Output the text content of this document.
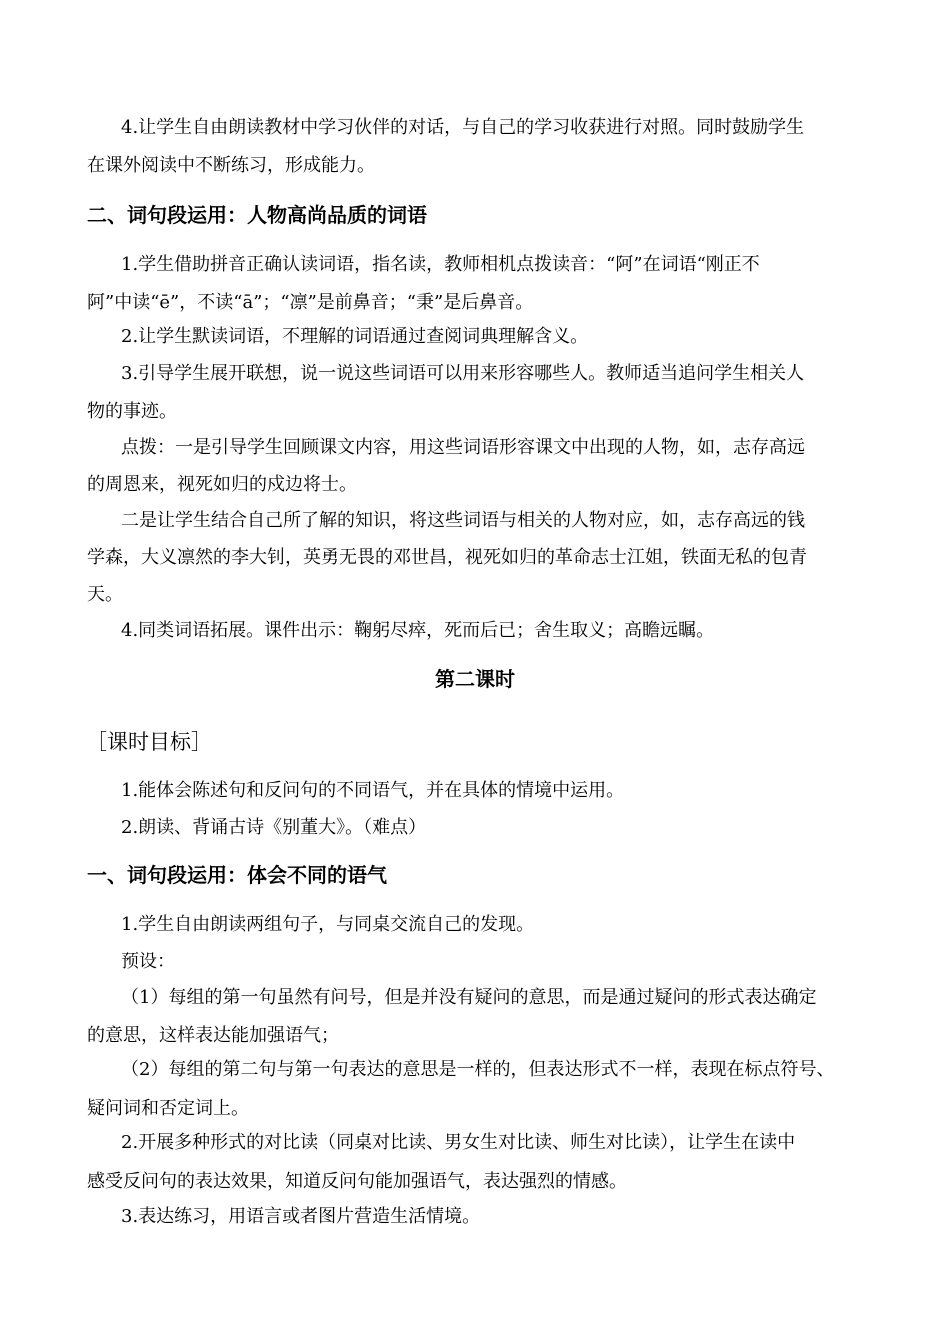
4.让学生自由朗读教材中学习伙伴的对话，与自己的学习收获进行对照。同时鼓励学生
在课外阅读中不断练习，形成能力。
二、词句段运用：人物高尚品质的词语
1.学生借助拼音正确认读词语，指名读，教师相机点拨读音：“阿”在词语“刚正不
阿”中读“ē”，不读“ā”；“凛”是前鼻音；“秉”是后鼻音。
2.让学生默读词语，不理解的词语通过查阅词典理解含义。
3.引导学生展开联想，说一说这些词语可以用来形容哪些人。教师适当追问学生相关人
物的事迹。
点拨：一是引导学生回顾课文内容，用这些词语形容课文中出现的人物，如，志存高远
的周恩来，视死如归的戍边将士。
二是让学生结合自己所了解的知识，将这些词语与相关的人物对应，如，志存高远的钱
学森，大义凛然的李大钊，英勇无畏的邓世昌，视死如归的革命志士江姐，铁面无私的包青
天。
4.同类词语拓展。课件出示：鞠躬尽瘁，死而后已；舍生取义；高瞻远瞩。
第二课时
［课时目标］
1.能体会陈述句和反问句的不同语气，并在具体的情境中运用。
2.朗读、背诵古诗《别董大》。（难点）
一、词句段运用：体会不同的语气
1.学生自由朗读两组句子，与同桌交流自己的发现。
预设：
（1）每组的第一句虽然有问号，但是并没有疑问的意思，而是通过疑问的形式表达确定
的意思，这样表达能加强语气；
（2）每组的第二句与第一句表达的意思是一样的，但表达形式不一样，表现在标点符号、
疑问词和否定词上。
2.开展多种形式的对比读（同桌对比读、男女生对比读、师生对比读），让学生在读中
感受反问句的表达效果，知道反问句能加强语气，表达强烈的情感。
3.表达练习，用语言或者图片营造生活情境。
